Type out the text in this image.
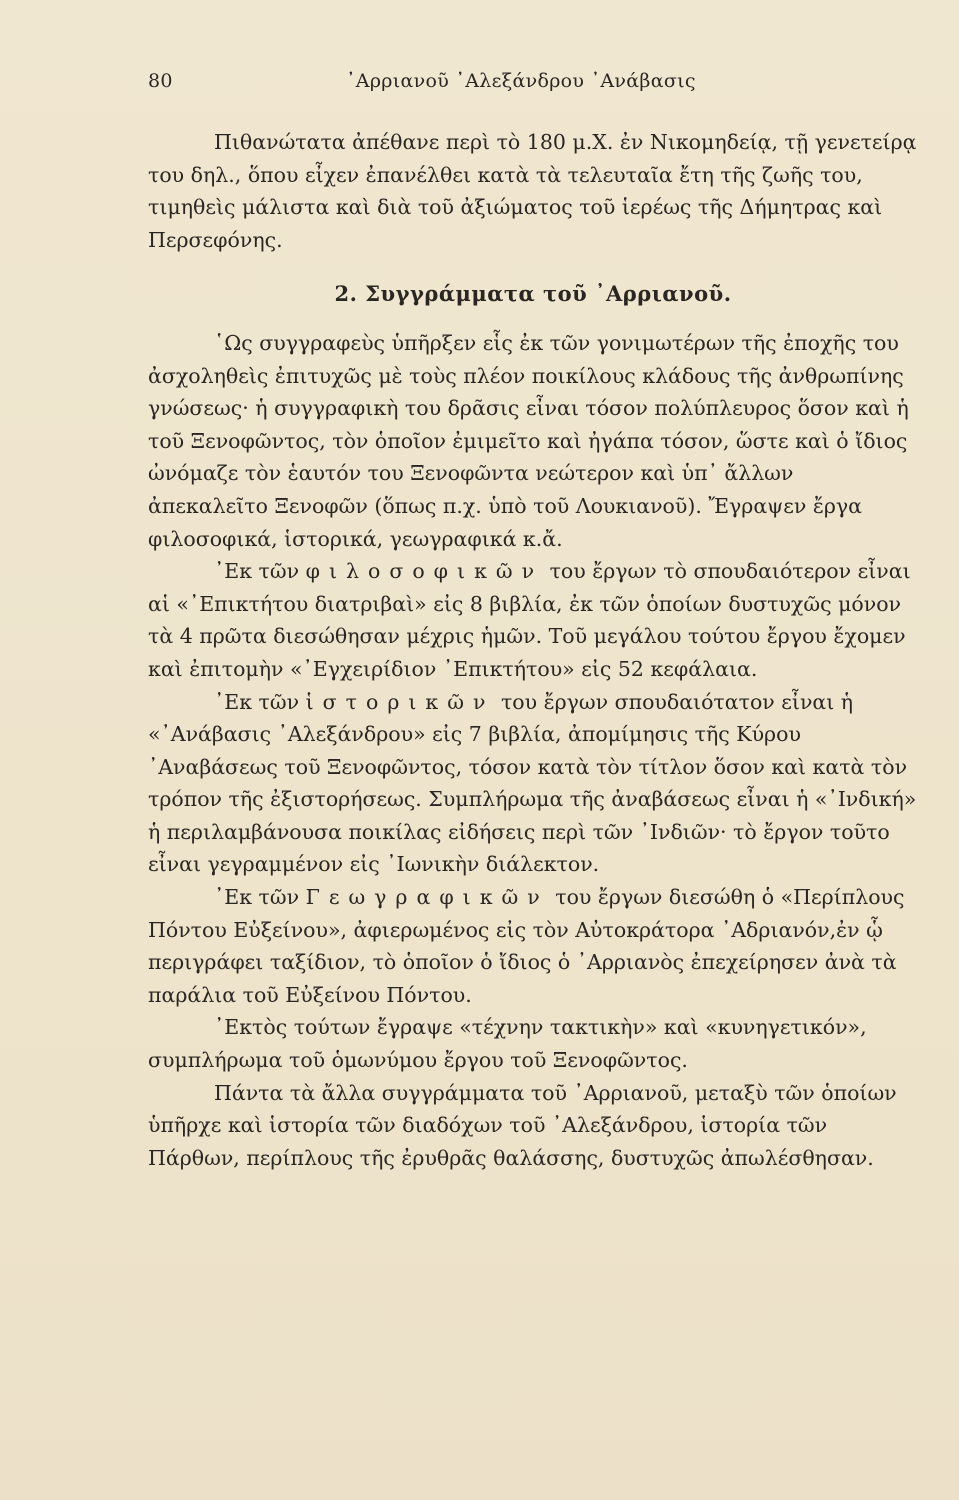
80	᾿Αρριανοῦ ᾿Αλεξάνδρου ᾿Ανάβασις

Πιθανώτατα ἀπέθανε περὶ τὸ 180 μ.Χ. ἐν Νικομηδείᾳ, τῇ γενετείρᾳ του δηλ., ὅπου εἶχεν ἐπανέλθει κατὰ τὰ τελευταῖα ἔτη τῆς ζωῆς του, τιμηθεὶς μάλιστα καὶ διὰ τοῦ ἀξιώματος τοῦ ἱερέως τῆς Δήμητρας καὶ Περσεφόνης.

2. Συγγράμματα τοῦ ᾿Αρριανοῦ.

῾Ως συγγραφεὺς ὑπῆρξεν εἷς ἐκ τῶν γονιμωτέρων τῆς ἐποχῆς του ἀσχοληθεὶς ἐπιτυχῶς μὲ τοὺς πλέον ποικίλους κλάδους τῆς ἀνθρωπίνης γνώσεως· ἡ συγγραφικὴ του δρᾶσις εἶναι τόσον πολύπλευρος ὅσον καὶ ἡ τοῦ Ξενοφῶντος, τὸν ὁποῖον ἐμιμεῖτο καὶ ἠγάπα τόσον, ὥστε καὶ ὁ ἴδιος ὠνόμαζε τὸν ἑαυτόν του Ξενοφῶντα νεώτερον καὶ ὑπ᾿ ἄλλων ἀπεκαλεῖτο Ξενοφῶν (ὅπως π.χ. ὑπὸ τοῦ Λουκιανοῦ). Ἔγραψεν ἔργα φιλοσοφικά, ἱστορικά, γεωγραφικά κ.ἄ.

᾿Εκ τῶν φιλοσοφικῶν του ἔργων τὸ σπουδαιότερον εἶναι αἱ «᾿Επικτήτου διατριβαὶ» εἰς 8 βιβλία, ἐκ τῶν ὁποίων δυστυχῶς μόνον τὰ 4 πρῶτα διεσώθησαν μέχρις ἡμῶν. Τοῦ μεγάλου τούτου ἔργου ἔχομεν καὶ ἐπιτομὴν «᾿Εγχειρίδιον ᾿Επικτήτου» εἰς 52 κεφάλαια.

᾿Εκ τῶν ἱστορικῶν του ἔργων σπουδαιότατον εἶναι ἡ «᾿Ανάβασις ᾿Αλεξάνδρου» εἰς 7 βιβλία, ἀπομίμησις τῆς Κύρου ᾿Αναβάσεως τοῦ Ξενοφῶντος, τόσον κατὰ τὸν τίτλον ὅσον καὶ κατὰ τὸν τρόπον τῆς ἐξιστορήσεως. Συμπλήρωμα τῆς ἀναβάσεως εἶναι ἡ «᾿Ινδική» ἡ περιλαμβάνουσα ποικίλας εἰδήσεις περὶ τῶν ᾿Ινδιῶν· τὸ ἔργον τοῦτο εἶναι γεγραμμένον εἰς ᾿Ιωνικὴν διάλεκτον.

᾿Εκ τῶν Γεωγραφικῶν του ἔργων διεσώθη ὁ «Περίπλους Πόντου Εὐξείνου», ἀφιερωμένος εἰς τὸν Αὐτοκράτορα ᾿Αδριανόν,ἐν ᾧ περιγράφει ταξίδιον, τὸ ὁποῖον ὁ ἴδιος ὁ ᾿Αρριανὸς ἐπεχείρησεν ἀνὰ τὰ παράλια τοῦ Εὐξείνου Πόντου.

᾿Εκτὸς τούτων ἔγραψε «τέχνην τακτικὴν» καὶ «κυνηγετικόν», συμπλήρωμα τοῦ ὁμωνύμου ἔργου τοῦ Ξενοφῶντος.

Πάντα τὰ ἄλλα συγγράμματα τοῦ ᾿Αρριανοῦ, μεταξὺ τῶν ὁποίων ὑπῆρχε καὶ ἱστορία τῶν διαδόχων τοῦ ᾿Αλεξάνδρου, ἱστορία τῶν Πάρθων, περίπλους τῆς ἐρυθρᾶς θαλάσσης, δυστυχῶς ἀπωλέσθησαν.
